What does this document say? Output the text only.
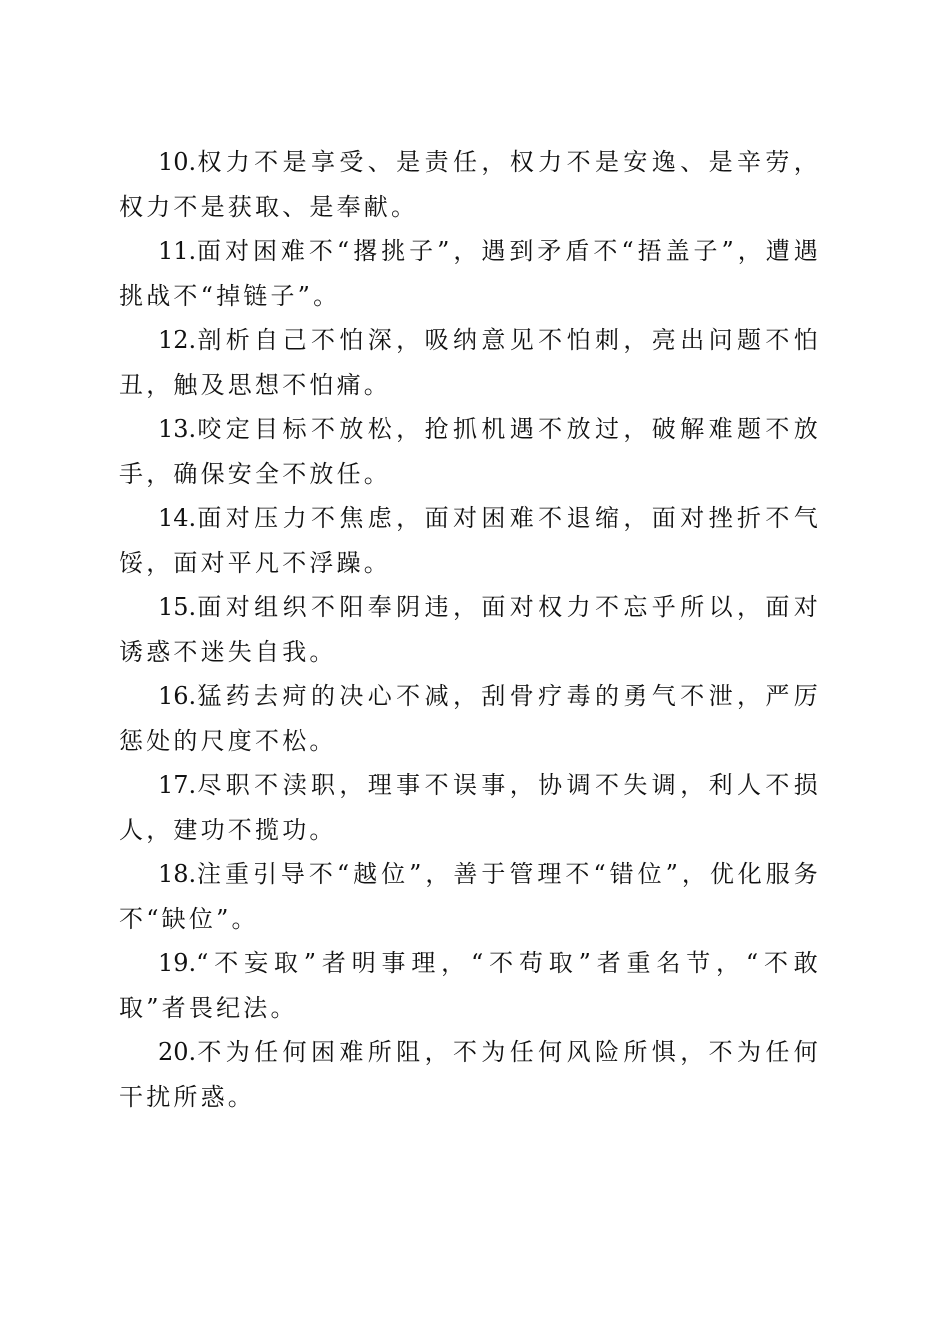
10.权力不是享受、是责任，权力不是安逸、是辛劳，权力不是获取、是奉献。

11.面对困难不“撂挑子”，遇到矛盾不“捂盖子”，遭遇挑战不“掉链子”。

12.剖析自己不怕深，吸纳意见不怕刺，亮出问题不怕丑，触及思想不怕痛。

13.咬定目标不放松，抢抓机遇不放过，破解难题不放手，确保安全不放任。

14.面对压力不焦虑，面对困难不退缩，面对挫折不气馁，面对平凡不浮躁。

15.面对组织不阳奉阴违，面对权力不忘乎所以，面对诱惑不迷失自我。

16.猛药去疴的决心不减，刮骨疗毒的勇气不泄，严厉惩处的尺度不松。

17.尽职不渎职，理事不误事，协调不失调，利人不损人，建功不揽功。

18.注重引导不“越位”，善于管理不“错位”，优化服务不“缺位”。

19.“不妄取”者明事理，“不苟取”者重名节，“不敢取”者畏纪法。

20.不为任何困难所阻，不为任何风险所惧，不为任何干扰所惑。
